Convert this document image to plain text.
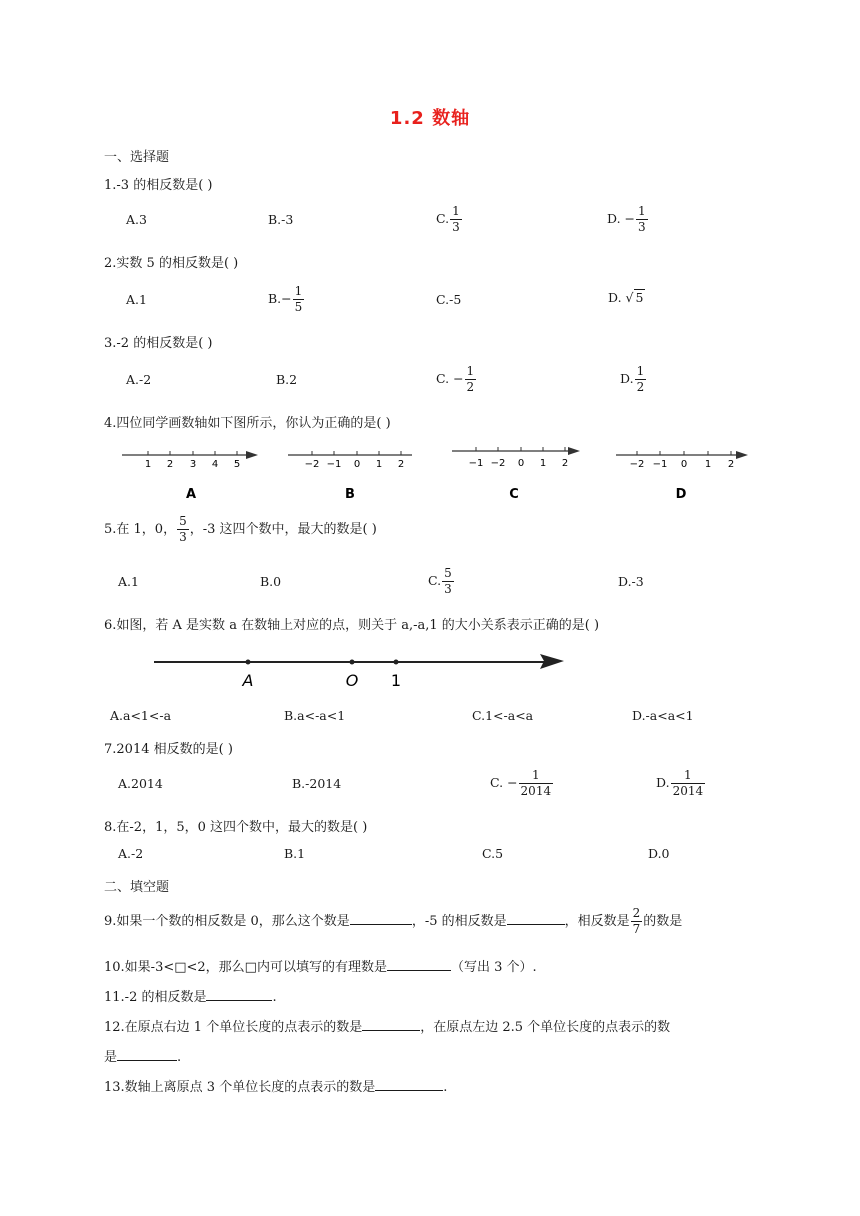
1.2 数轴
一、选择题
1.-3 的相反数是( )
A.3	B.-3	C. $\frac{1}{3}$	D. − $\frac{1}{3}$
2.实数 5 的相反数是( )
A.1	$B.- \frac{1}{5}$	C.-5	D. √ 5
3.-2 的相反数是( )
A.-2	B.2	C. − $\frac{1}{2}$	D. $\frac{1}{2}$
4.四位同学画数轴如下图所示，你认为正确的是( )
1 2 3 4 5
A
−2 −1 0 1 2
B
−1 −2 0 1 2
C
−2 −1 0 1 2
D
5.在 1，0， $\frac{5}{3}$ ，-3 这四个数中，最大的数是( )
A.1	B.0	C. $\frac{5}{3}$	D.-3
6.如图，若 A 是实数 a 在数轴上对应的点，则关于 a,-a,1 的大小关系表示正确的是( )
A	O 1
A.a<1<-a	B.a<-a<1	C.1<-a<a	D.-a<a<1
7.2014 相反数的是( )
A.2014	B.-2014	C. − $\frac{1}{2014}$	D. $\frac{1}{2014}$
8.在-2，1，5，0 这四个数中，最大的数是( )
A.-2	B.1	C.5	D.0
二、填空题
9.如果一个数的相反数是 0，那么这个数是	，-5 的相反数是	，相反数是 $\frac{2}{7}$ 的数是
10.如果-3<□<2，那么□内可以填写的有理数是	（写出 3 个）.
11.-2 的相反数是	.
12.在原点右边 1 个单位长度的点表示的数是	，在原点左边 2.5 个单位长度的点表示的数
是	.
13.数轴上离原点 3 个单位长度的点表示的数是	.
